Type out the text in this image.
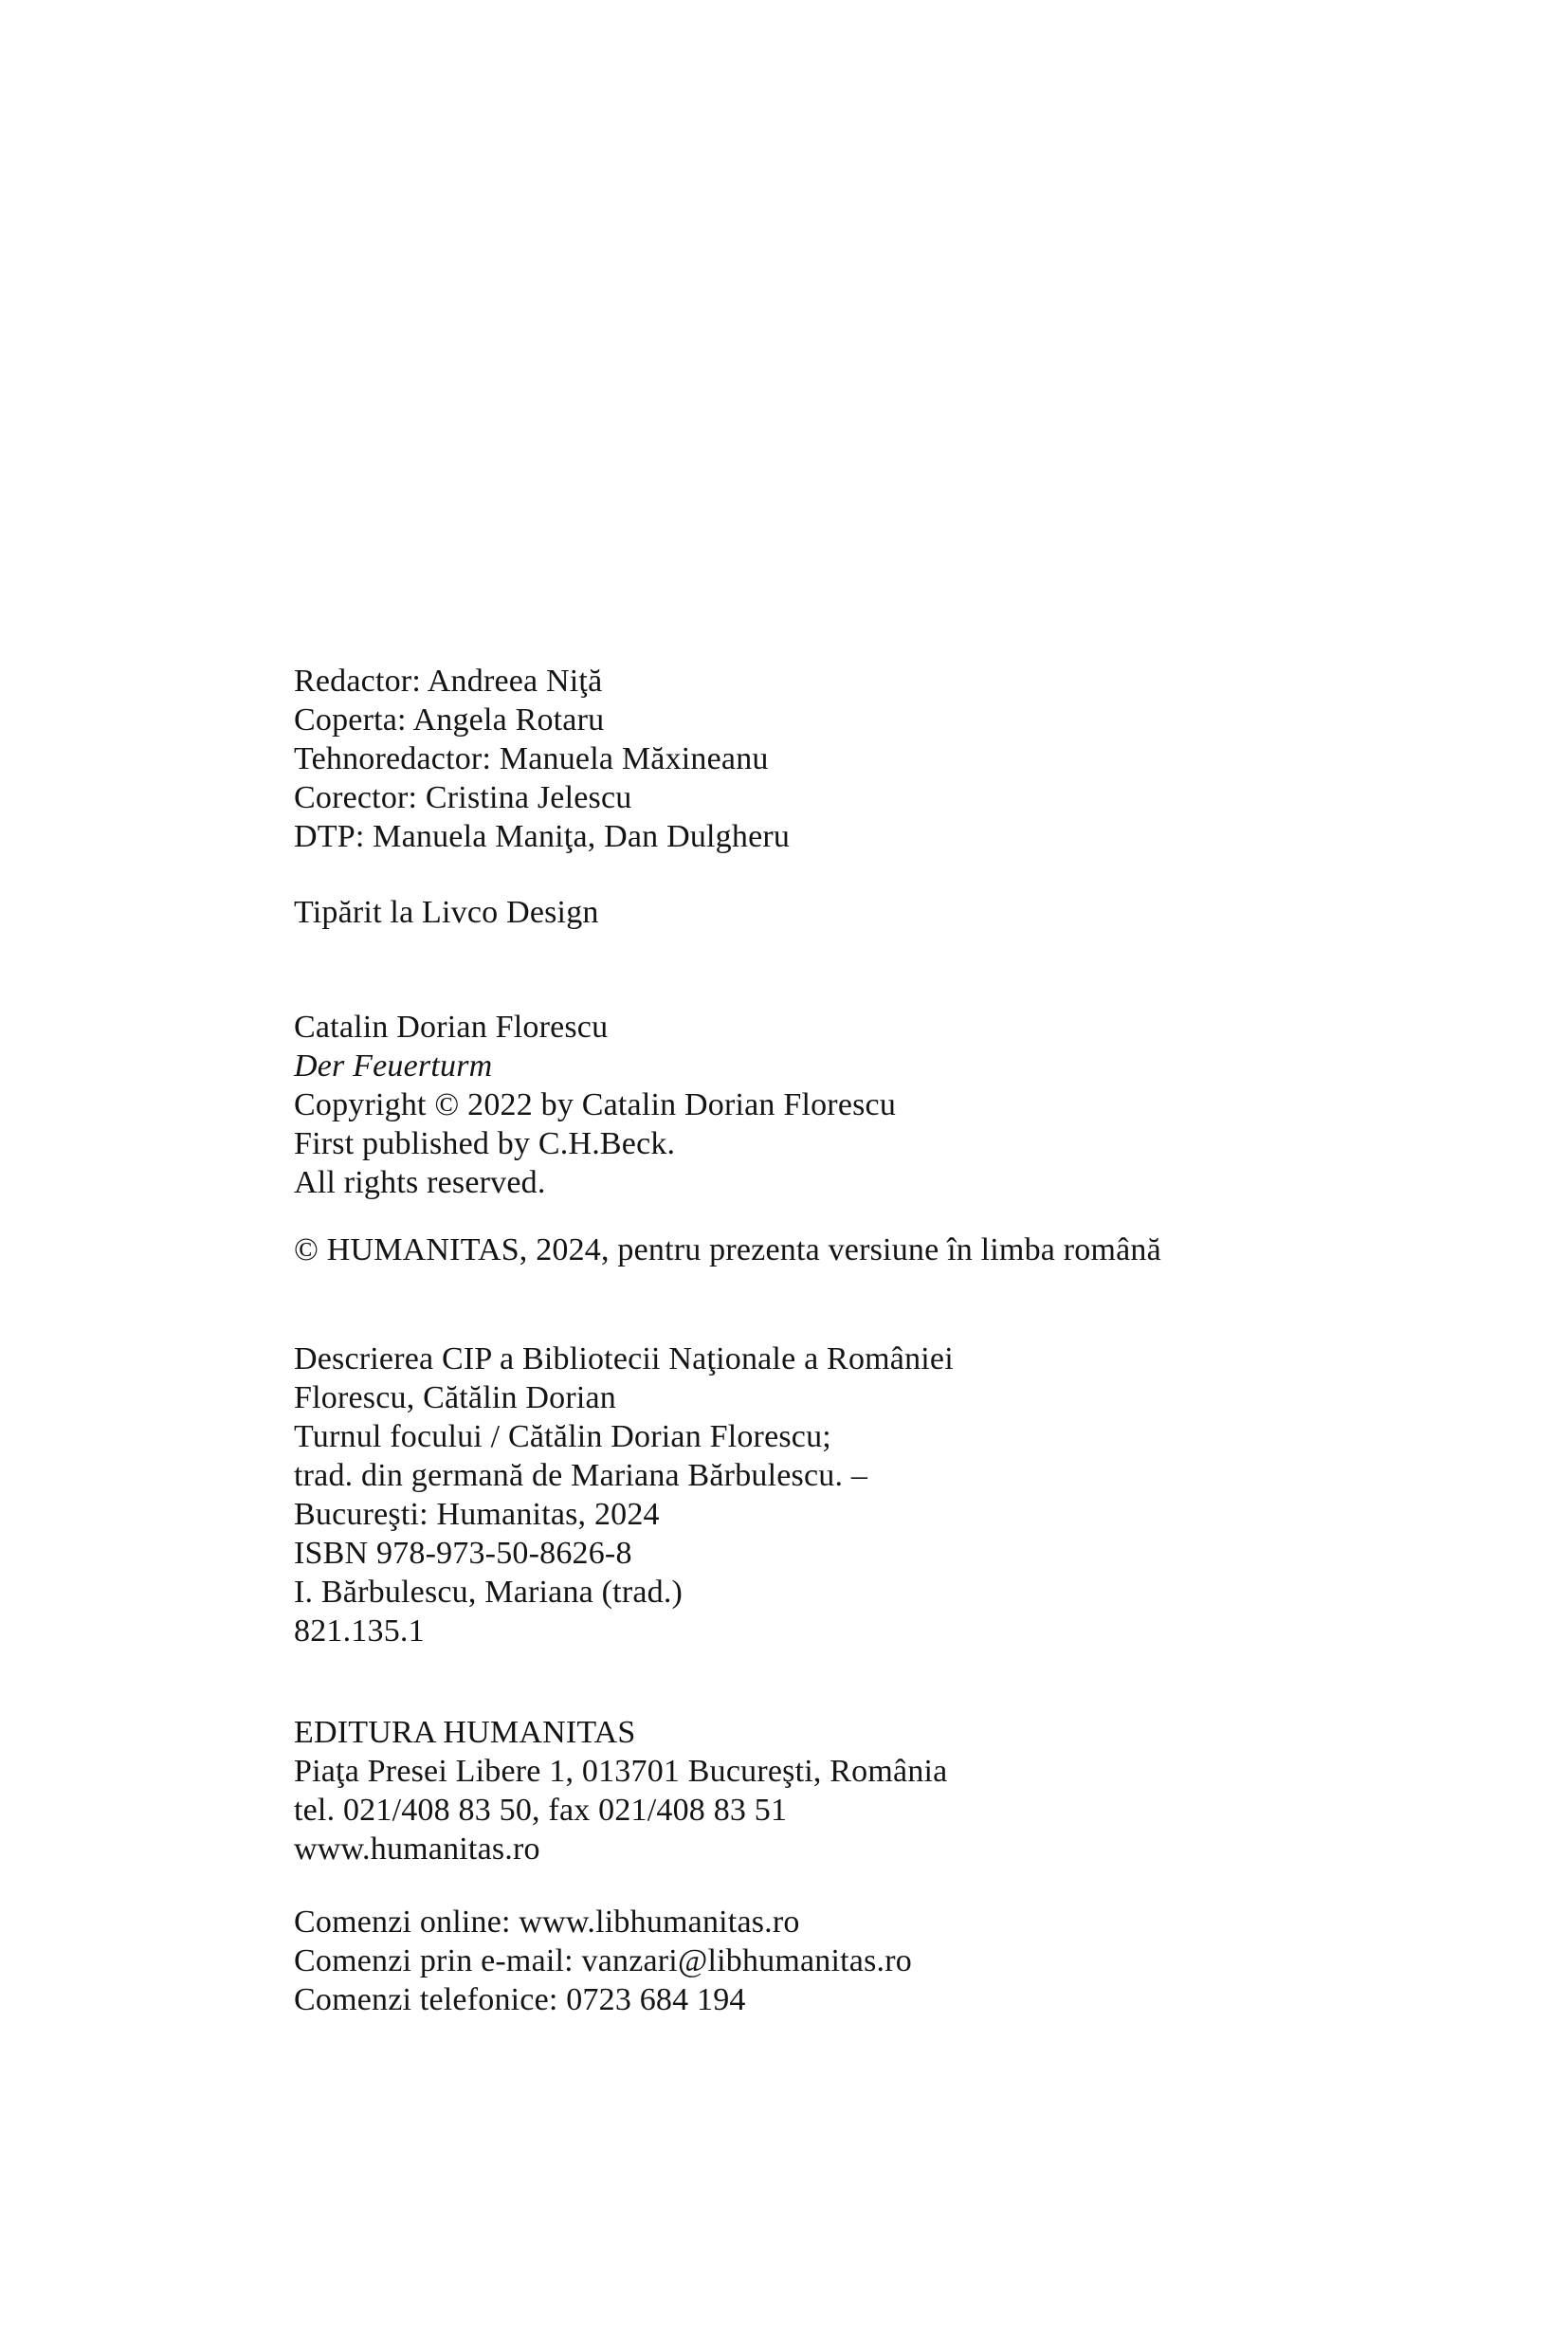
Redactor: Andreea Niţă

Coperta: Angela Rotaru

Tehnoredactor: Manuela Măxineanu

Corector: Cristina Jelescu

DTP: Manuela Maniţa, Dan Dulgheru

Tipărit la Livco Design

Catalin Dorian Florescu

Der Feuerturm

Copyright © 2022 by Catalin Dorian Florescu

First published by C.H.Beck.

All rights reserved.

© HUMANITAS, 2024, pentru prezenta versiune în limba română

Descrierea CIP a Bibliotecii Naţionale a României

Florescu, Cătălin Dorian

Turnul focului / Cătălin Dorian Florescu;

trad. din germană de Mariana Bărbulescu. –

Bucureşti: Humanitas, 2024

ISBN 978-973-50-8626-8

I. Bărbulescu, Mariana (trad.)

821.135.1

EDITURA HUMANITAS

Piaţa Presei Libere 1, 013701 Bucureşti, România

tel. 021/408 83 50, fax 021/408 83 51

www.humanitas.ro

Comenzi online: www.libhumanitas.ro

Comenzi prin e-mail: vanzari@libhumanitas.ro

Comenzi telefonice: 0723 684 194
